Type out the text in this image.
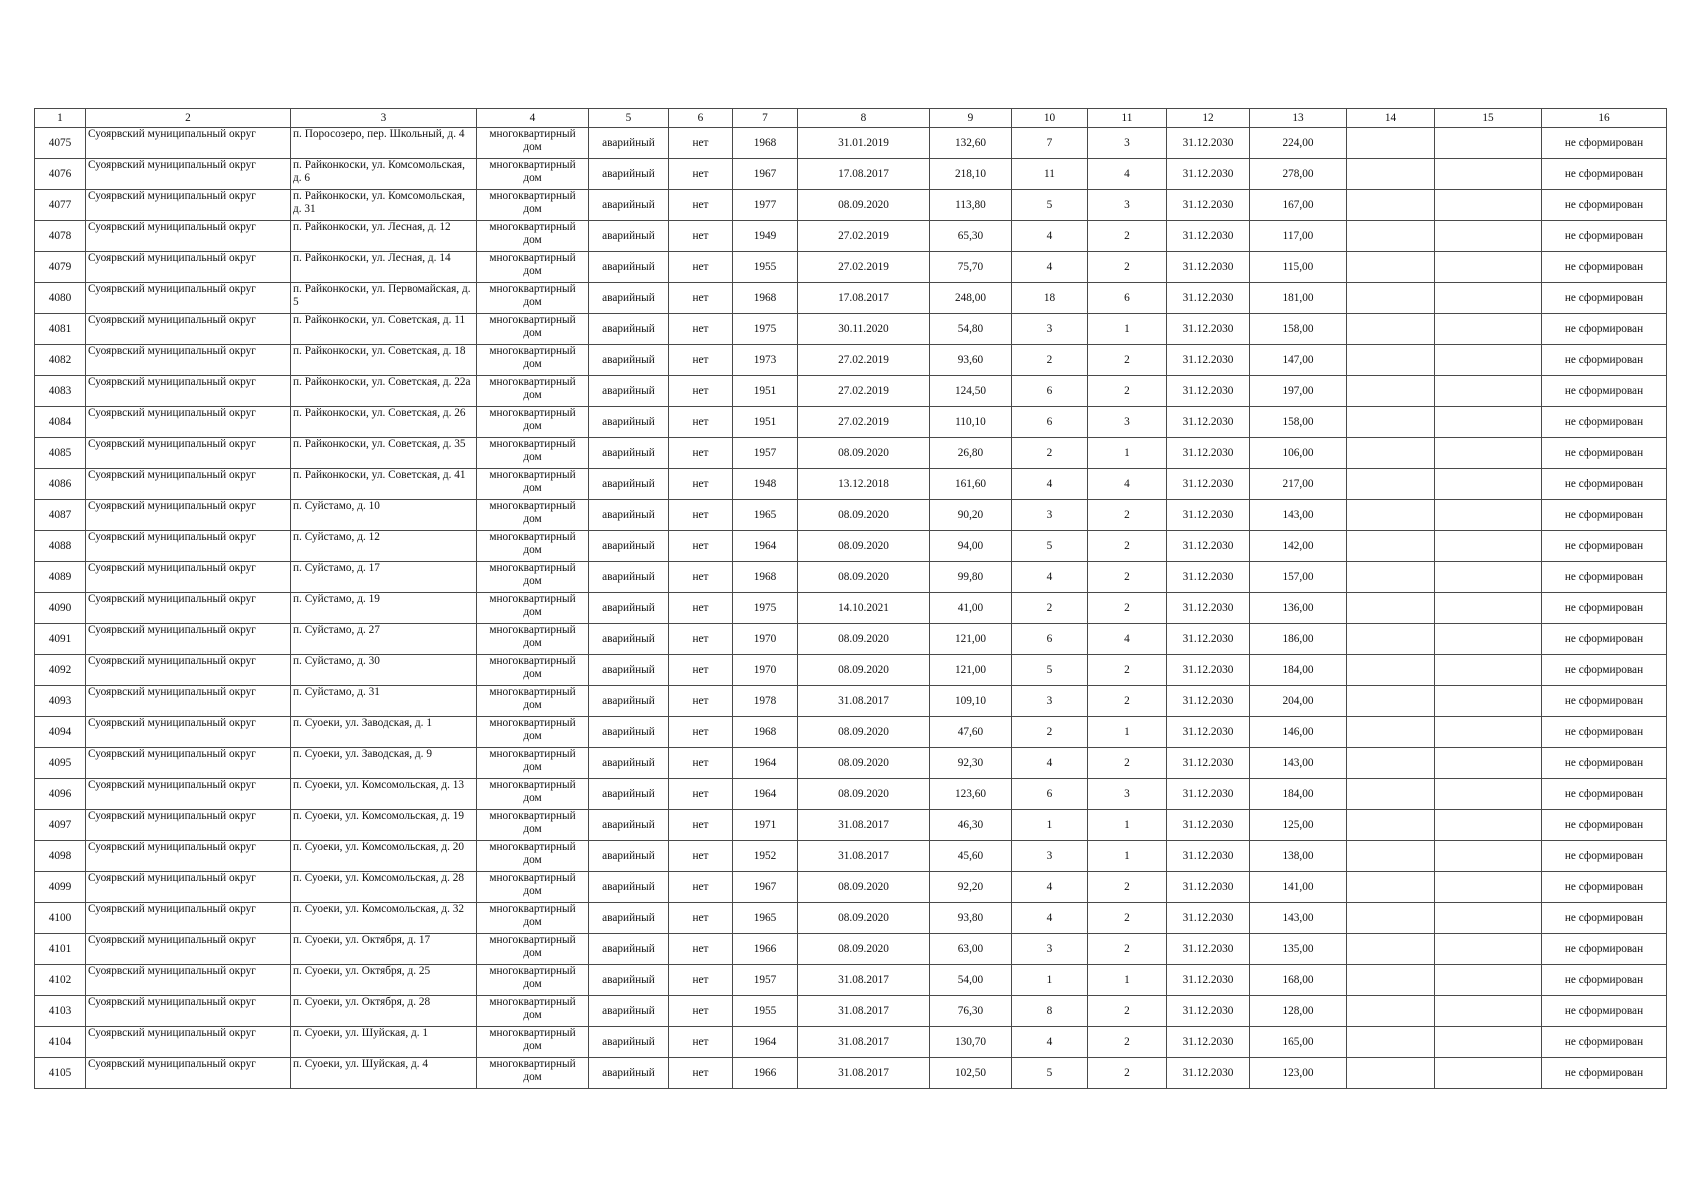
1	2	3	4	5	6	7	8	9	10	11	12	13	14	15	16
4075	Суоярвский муниципальный округ	п. Поросозеро, пер. Школьный, д. 4	многоквартирный дом	аварийный	нет	1968	31.01.2019	132,60	7	3	31.12.2030	224,00			не сформирован
4076	Суоярвский муниципальный округ	п. Райконкоски, ул. Комсомольская, д. 6	многоквартирный дом	аварийный	нет	1967	17.08.2017	218,10	11	4	31.12.2030	278,00			не сформирован
4077	Суоярвский муниципальный округ	п. Райконкоски, ул. Комсомольская, д. 31	многоквартирный дом	аварийный	нет	1977	08.09.2020	113,80	5	3	31.12.2030	167,00			не сформирован
4078	Суоярвский муниципальный округ	п. Райконкоски, ул. Лесная, д. 12	многоквартирный дом	аварийный	нет	1949	27.02.2019	65,30	4	2	31.12.2030	117,00			не сформирован
4079	Суоярвский муниципальный округ	п. Райконкоски, ул. Лесная, д. 14	многоквартирный дом	аварийный	нет	1955	27.02.2019	75,70	4	2	31.12.2030	115,00			не сформирован
4080	Суоярвский муниципальный округ	п. Райконкоски, ул. Первомайская, д. 5	многоквартирный дом	аварийный	нет	1968	17.08.2017	248,00	18	6	31.12.2030	181,00			не сформирован
4081	Суоярвский муниципальный округ	п. Райконкоски, ул. Советская, д. 11	многоквартирный дом	аварийный	нет	1975	30.11.2020	54,80	3	1	31.12.2030	158,00			не сформирован
4082	Суоярвский муниципальный округ	п. Райконкоски, ул. Советская, д. 18	многоквартирный дом	аварийный	нет	1973	27.02.2019	93,60	2	2	31.12.2030	147,00			не сформирован
4083	Суоярвский муниципальный округ	п. Райконкоски, ул. Советская, д. 22а	многоквартирный дом	аварийный	нет	1951	27.02.2019	124,50	6	2	31.12.2030	197,00			не сформирован
4084	Суоярвский муниципальный округ	п. Райконкоски, ул. Советская, д. 26	многоквартирный дом	аварийный	нет	1951	27.02.2019	110,10	6	3	31.12.2030	158,00			не сформирован
4085	Суоярвский муниципальный округ	п. Райконкоски, ул. Советская, д. 35	многоквартирный дом	аварийный	нет	1957	08.09.2020	26,80	2	1	31.12.2030	106,00			не сформирован
4086	Суоярвский муниципальный округ	п. Райконкоски, ул. Советская, д. 41	многоквартирный дом	аварийный	нет	1948	13.12.2018	161,60	4	4	31.12.2030	217,00			не сформирован
4087	Суоярвский муниципальный округ	п. Суйстамо, д. 10	многоквартирный дом	аварийный	нет	1965	08.09.2020	90,20	3	2	31.12.2030	143,00			не сформирован
4088	Суоярвский муниципальный округ	п. Суйстамо, д. 12	многоквартирный дом	аварийный	нет	1964	08.09.2020	94,00	5	2	31.12.2030	142,00			не сформирован
4089	Суоярвский муниципальный округ	п. Суйстамо, д. 17	многоквартирный дом	аварийный	нет	1968	08.09.2020	99,80	4	2	31.12.2030	157,00			не сформирован
4090	Суоярвский муниципальный округ	п. Суйстамо, д. 19	многоквартирный дом	аварийный	нет	1975	14.10.2021	41,00	2	2	31.12.2030	136,00			не сформирован
4091	Суоярвский муниципальный округ	п. Суйстамо, д. 27	многоквартирный дом	аварийный	нет	1970	08.09.2020	121,00	6	4	31.12.2030	186,00			не сформирован
4092	Суоярвский муниципальный округ	п. Суйстамо, д. 30	многоквартирный дом	аварийный	нет	1970	08.09.2020	121,00	5	2	31.12.2030	184,00			не сформирован
4093	Суоярвский муниципальный округ	п. Суйстамо, д. 31	многоквартирный дом	аварийный	нет	1978	31.08.2017	109,10	3	2	31.12.2030	204,00			не сформирован
4094	Суоярвский муниципальный округ	п. Суоеки, ул. Заводская, д. 1	многоквартирный дом	аварийный	нет	1968	08.09.2020	47,60	2	1	31.12.2030	146,00			не сформирован
4095	Суоярвский муниципальный округ	п. Суоеки, ул. Заводская, д. 9	многоквартирный дом	аварийный	нет	1964	08.09.2020	92,30	4	2	31.12.2030	143,00			не сформирован
4096	Суоярвский муниципальный округ	п. Суоеки, ул. Комсомольская, д. 13	многоквартирный дом	аварийный	нет	1964	08.09.2020	123,60	6	3	31.12.2030	184,00			не сформирован
4097	Суоярвский муниципальный округ	п. Суоеки, ул. Комсомольская, д. 19	многоквартирный дом	аварийный	нет	1971	31.08.2017	46,30	1	1	31.12.2030	125,00			не сформирован
4098	Суоярвский муниципальный округ	п. Суоеки, ул. Комсомольская, д. 20	многоквартирный дом	аварийный	нет	1952	31.08.2017	45,60	3	1	31.12.2030	138,00			не сформирован
4099	Суоярвский муниципальный округ	п. Суоеки, ул. Комсомольская, д. 28	многоквартирный дом	аварийный	нет	1967	08.09.2020	92,20	4	2	31.12.2030	141,00			не сформирован
4100	Суоярвский муниципальный округ	п. Суоеки, ул. Комсомольская, д. 32	многоквартирный дом	аварийный	нет	1965	08.09.2020	93,80	4	2	31.12.2030	143,00			не сформирован
4101	Суоярвский муниципальный округ	п. Суоеки, ул. Октября, д. 17	многоквартирный дом	аварийный	нет	1966	08.09.2020	63,00	3	2	31.12.2030	135,00			не сформирован
4102	Суоярвский муниципальный округ	п. Суоеки, ул. Октября, д. 25	многоквартирный дом	аварийный	нет	1957	31.08.2017	54,00	1	1	31.12.2030	168,00			не сформирован
4103	Суоярвский муниципальный округ	п. Суоеки, ул. Октября, д. 28	многоквартирный дом	аварийный	нет	1955	31.08.2017	76,30	8	2	31.12.2030	128,00			не сформирован
4104	Суоярвский муниципальный округ	п. Суоеки, ул. Шуйская, д. 1	многоквартирный дом	аварийный	нет	1964	31.08.2017	130,70	4	2	31.12.2030	165,00			не сформирован
4105	Суоярвский муниципальный округ	п. Суоеки, ул. Шуйская, д. 4	многоквартирный дом	аварийный	нет	1966	31.08.2017	102,50	5	2	31.12.2030	123,00			не сформирован
